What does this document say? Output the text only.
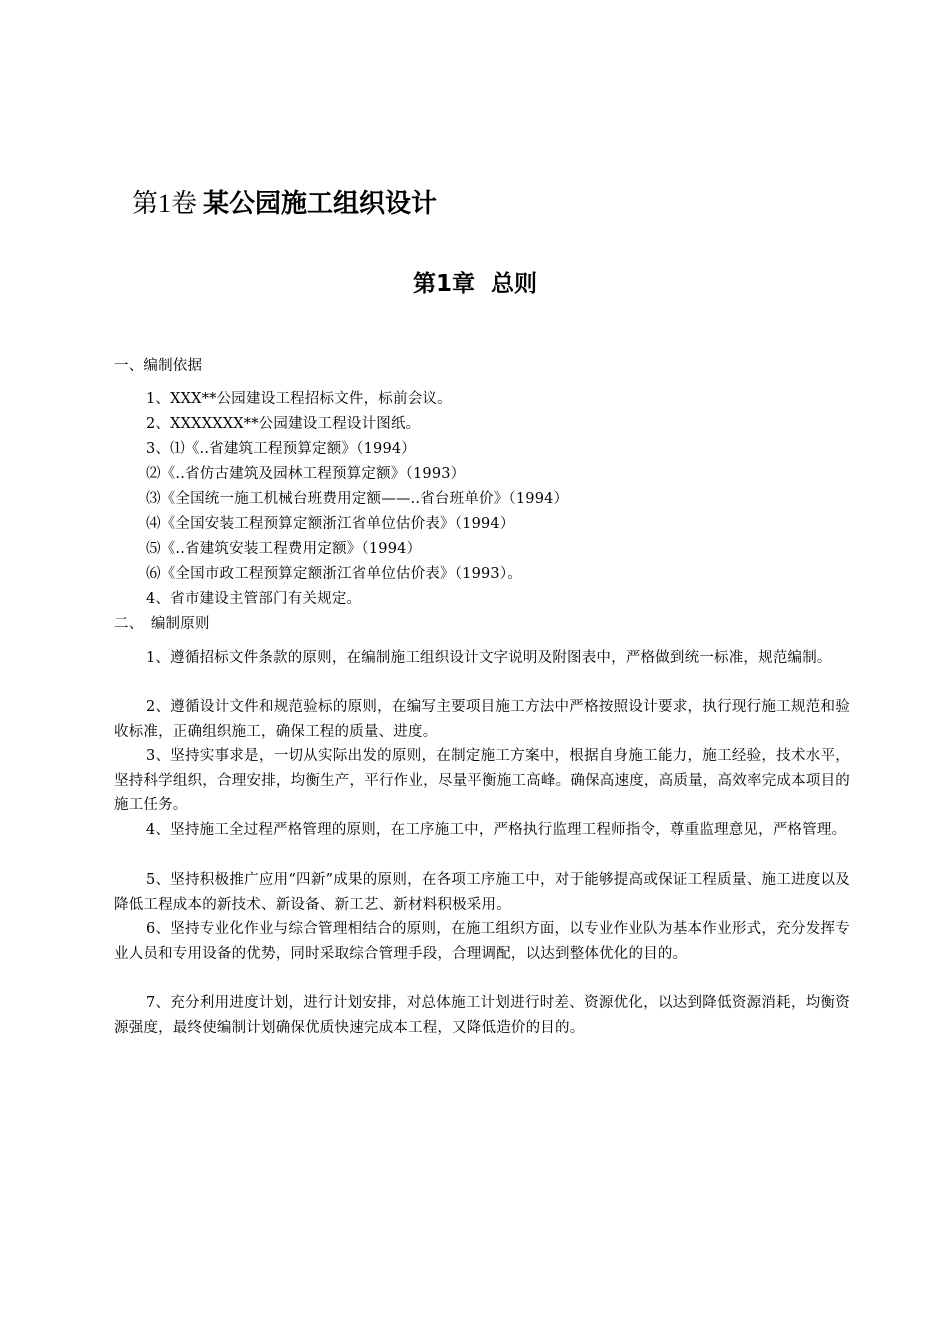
第1卷 某公园施工组织设计
第1章 总则
一、编制依据
1、XXX**公园建设工程招标文件，标前会议。
2、XXXXXXX**公园建设工程设计图纸。
3、⑴《..省建筑工程预算定额》（1994）
⑵《..省仿古建筑及园林工程预算定额》（1993）
⑶《全国统一施工机械台班费用定额——..省台班单价》（1994）
⑷《全国安装工程预算定额浙江省单位估价表》（1994）
⑸《..省建筑安装工程费用定额》（1994）
⑹《全国市政工程预算定额浙江省单位估价表》（1993）。
4、省市建设主管部门有关规定。
二、　编制原则
1、遵循招标文件条款的原则，在编制施工组织设计文字说明及附图表中，严格做到统一标准，规范编制。
2、遵循设计文件和规范验标的原则，在编写主要项目施工方法中严格按照设计要求，执行现行施工规范和验收标准，正确组织施工，确保工程的质量、进度。
3、坚持实事求是，一切从实际出发的原则，在制定施工方案中，根据自身施工能力，施工经验，技术水平，坚持科学组织，合理安排，均衡生产，平行作业，尽量平衡施工高峰。确保高速度，高质量，高效率完成本项目的施工任务。
4、坚持施工全过程严格管理的原则，在工序施工中，严格执行监理工程师指令，尊重监理意见，严格管理。
5、坚持积极推广应用“四新”成果的原则，在各项工序施工中，对于能够提高或保证工程质量、施工进度以及降低工程成本的新技术、新设备、新工艺、新材料积极采用。
6、坚持专业化作业与综合管理相结合的原则，在施工组织方面，以专业作业队为基本作业形式，充分发挥专业人员和专用设备的优势，同时采取综合管理手段，合理调配，以达到整体优化的目的。
7、充分利用进度计划，进行计划安排，对总体施工计划进行时差、资源优化，以达到降低资源消耗，均衡资源强度，最终使编制计划确保优质快速完成本工程，又降低造价的目的。
